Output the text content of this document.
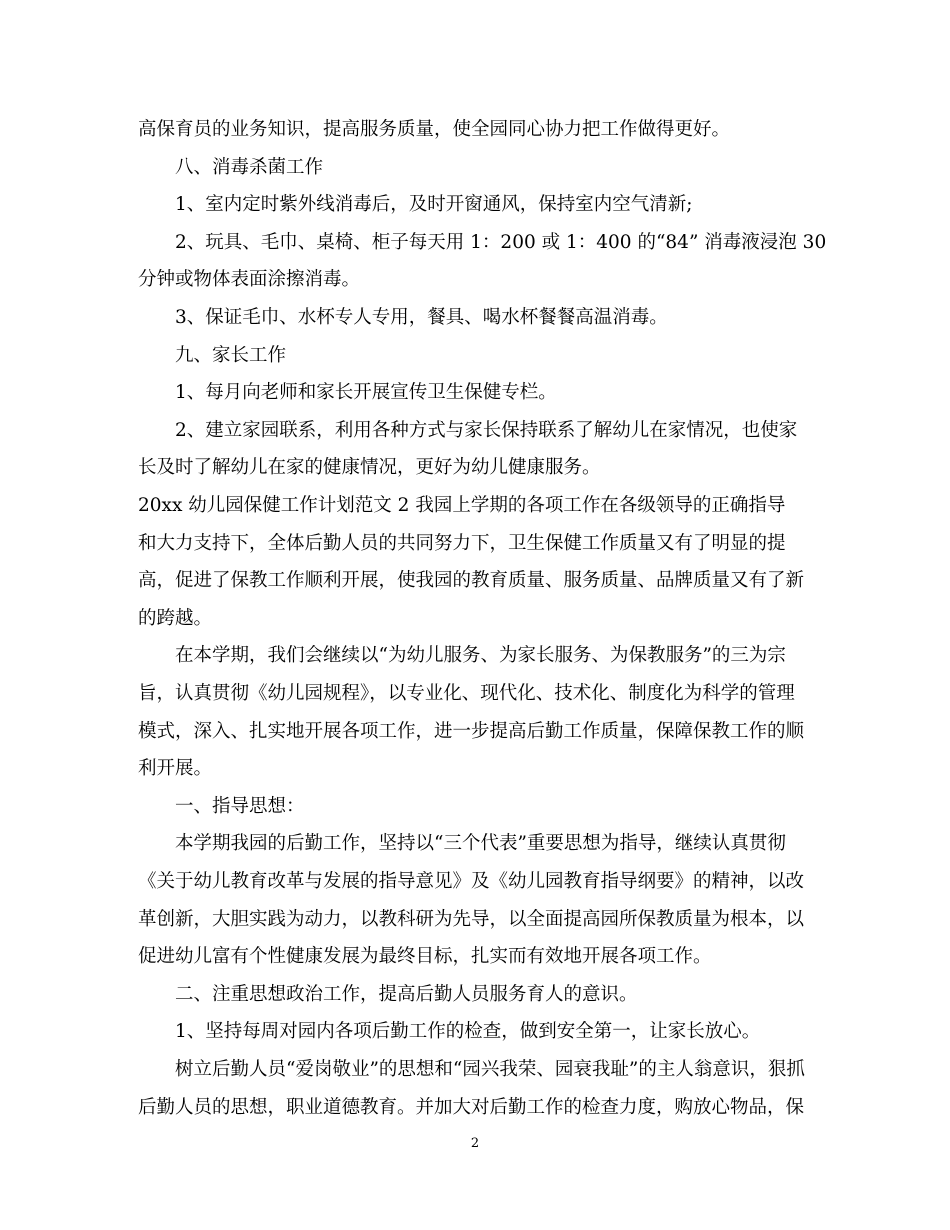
高保育员的业务知识，提高服务质量，使全园同心协力把工作做得更好。
八、消毒杀菌工作
1、室内定时紫外线消毒后，及时开窗通风，保持室内空气清新;
2、玩具、毛巾、桌椅、柜子每天用 1：200 或 1：400 的“84” 消毒液浸泡 30
分钟或物体表面涂擦消毒。
3、保证毛巾、水杯专人专用，餐具、喝水杯餐餐高温消毒。
九、家长工作
1、每月向老师和家长开展宣传卫生保健专栏。
2、建立家园联系，利用各种方式与家长保持联系了解幼儿在家情况，也使家
长及时了解幼儿在家的健康情况，更好为幼儿健康服务。
20xx 幼儿园保健工作计划范文 2 我园上学期的各项工作在各级领导的正确指导
和大力支持下，全体后勤人员的共同努力下，卫生保健工作质量又有了明显的提
高，促进了保教工作顺利开展，使我园的教育质量、服务质量、品牌质量又有了新
的跨越。
在本学期，我们会继续以“为幼儿服务、为家长服务、为保教服务”的三为宗
旨，认真贯彻《幼儿园规程》，以专业化、现代化、技术化、制度化为科学的管理
模式，深入、扎实地开展各项工作，进一步提高后勤工作质量，保障保教工作的顺
利开展。
一、指导思想：
本学期我园的后勤工作，坚持以“三个代表”重要思想为指导，继续认真贯彻
《关于幼儿教育改革与发展的指导意见》及《幼儿园教育指导纲要》的精神，以改
革创新，大胆实践为动力，以教科研为先导，以全面提高园所保教质量为根本，以
促进幼儿富有个性健康发展为最终目标，扎实而有效地开展各项工作。
二、注重思想政治工作，提高后勤人员服务育人的意识。
1、坚持每周对园内各项后勤工作的检查，做到安全第一，让家长放心。
树立后勤人员“爱岗敬业”的思想和“园兴我荣、园衰我耻”的主人翁意识，狠抓
后勤人员的思想，职业道德教育。并加大对后勤工作的检查力度，购放心物品，保
2
